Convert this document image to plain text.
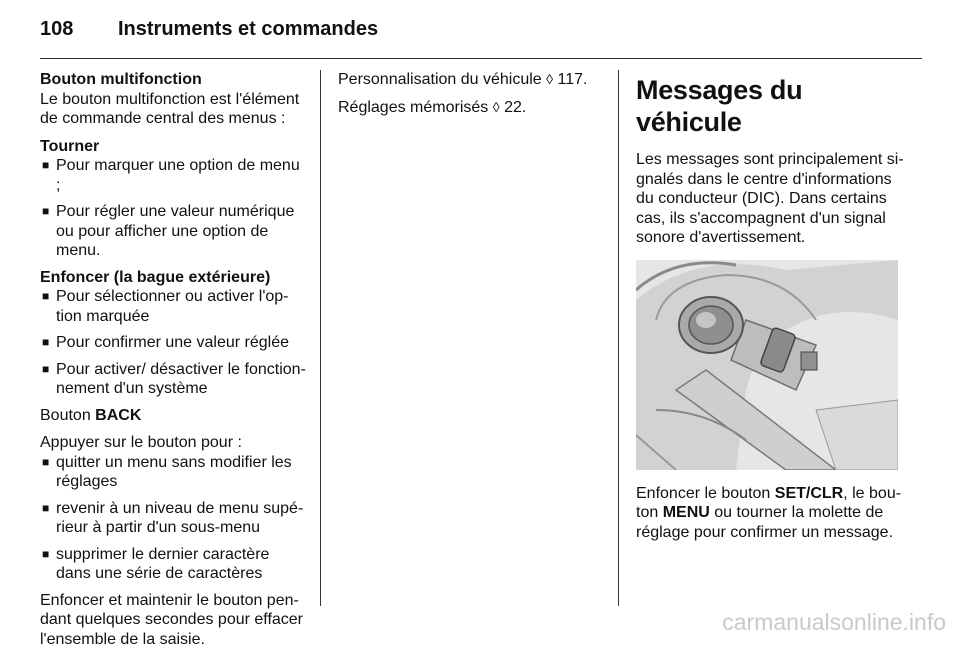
108 Instruments et commandes

Bouton multifonction

Le bouton multifonction est l'élément de commande central des menus :

Tourner

■ Pour marquer une option de menu ;
■ Pour régler une valeur numérique ou pour afficher une option de menu.

Enfoncer (la bague extérieure)

■ Pour sélectionner ou activer l'op-tion marquée
■ Pour confirmer une valeur réglée
■ Pour activer/ désactiver le fonction-nement d'un système

Bouton BACK

Appuyer sur le bouton pour :

■ quitter un menu sans modifier les réglages
■ revenir à un niveau de menu supé-rieur à partir d'un sous-menu
■ supprimer le dernier caractère dans une série de caractères

Enfoncer et maintenir le bouton pen-dant quelques secondes pour effacer l'ensemble de la saisie.

Personnalisation du véhicule ◊ 117.

Réglages mémorisés ◊ 22.

Messages du véhicule

Les messages sont principalement si-gnalés dans le centre d'informations du conducteur (DIC). Dans certains cas, ils s'accompagnent d'un signal sonore d'avertissement.

Enfoncer le bouton SET/CLR, le bou-ton MENU ou tourner la molette de réglage pour confirmer un message.

carmanualsonline.info
